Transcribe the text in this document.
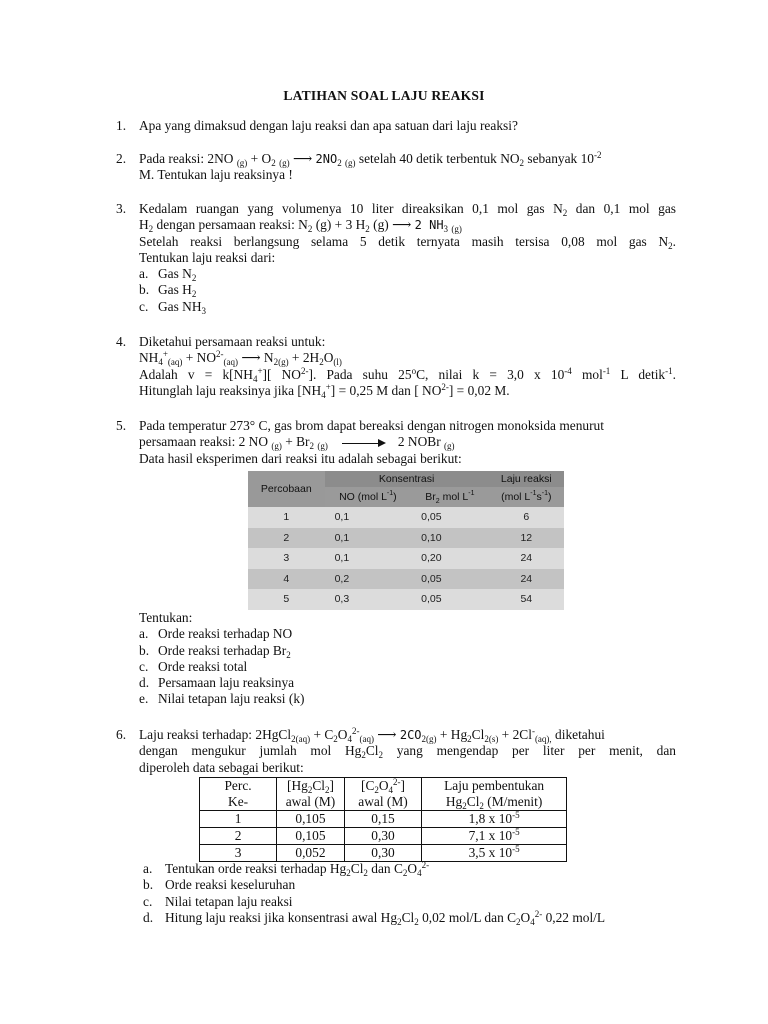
LATIHAN SOAL LAJU REAKSI
1. Apa yang dimaksud dengan laju reaksi dan apa satuan dari laju reaksi?
2. Pada reaksi: 2NO $_{(g)} + O_2$ $_{(g)}$ ⟶ $2NO_2$ $_{(g)}$ setelah 40 detik terbentuk $NO_2$ sebanyak $10^{-2}$
M. Tentukan laju reaksinya !
3. Kedalam ruangan yang volumenya 10 liter direaksikan 0,1 mol gas $N_2$ dan 0,1 mol gas
$H_2$ dengan persamaan reaksi: $N_2$ (g) + 3 $H_2$ (g) ⟶ 2 $NH_3$ $_{(g)}$
Setelah reaksi berlangsung selama 5 detik ternyata masih tersisa 0,08 mol gas $N_2$.
Tentukan laju reaksi dari:
a. Gas $N_2$
b. Gas $H_2$
c. Gas $NH_3$
4. Diketahui persamaan reaksi untuk:
$NH_4^+_{(aq)} + NO^{2-}_{(aq)}$ ⟶ $N_{2(g)} + 2H_2O_{(l)}$
Adalah $v = k[NH_4^+]$[ $NO^{2-}$]. Pada suhu 25$^o$C, nilai k = 3,0 x $10^{-4}$ mol$^{-1}$ L detik$^{-1}$.
Hitunglah laju reaksinya jika $[NH_4^+] = 0,25$ M dan [ $NO^{2-}] = 0,02$ M.
5. Pada temperatur 273° C, gas brom dapat bereaksi dengan nitrogen monoksida menurut
persamaan reaksi: 2 NO $_{(g)} + Br_2$ $_{(g)}$	2 NOBr $_{(g)}$
Data hasil eksperimen dari reaksi itu adalah sebagai berikut:
Percobaan	Konsentrasi		Laju reaksi
	NO (mol $L^{-1}$)	$Br_2$ mol $L^{-1}$	(mol $L^{-1}s^{-1}$)
1	0,1	0,05	6
2	0,1	0,10	12
3	0,1	0,20	24
4	0,2	0,05	24
5	0,3	0,05	54
Tentukan:
a. Orde reaksi terhadap NO
b. Orde reaksi terhadap $Br_2$
c. Orde reaksi total
d. Persamaan laju reaksinya
e. Nilai tetapan laju reaksi (k)
6. Laju reaksi terhadap: 2HgCl$_{2(aq)}$ + $C_2O_4^{2-}_{(aq)}$ ⟶ $2CO_{2(g)} + Hg_2Cl_{2(s)} + 2Cl^-_{(aq),}$ diketahui
dengan mengukur jumlah mol $Hg_2Cl_2$ yang mengendap per liter per menit, dan
diperoleh data sebagai berikut:
Perc.	$[Hg_2Cl_2]$	$[C_2O_4^{2-}]$	Laju pembentukan
Ke-	awal (M)	awal (M)	$Hg_2Cl_2$ (M/menit)
1	0,105	0,15	1,8 x $10^{-5}$
2	0,105	0,30	7,1 x $10^{-5}$
3	0,052	0,30	3,5 x $10^{-5}$
a. Tentukan orde reaksi terhadap $Hg_2Cl_2$ dan $C_2O_4^{2-}$
b. Orde reaksi keseluruhan
c. Nilai tetapan laju reaksi
d. Hitung laju reaksi jika konsentrasi awal $Hg_2Cl_2$ 0,02 mol/L dan $C_2O_4^{2-}$ 0,22 mol/L
